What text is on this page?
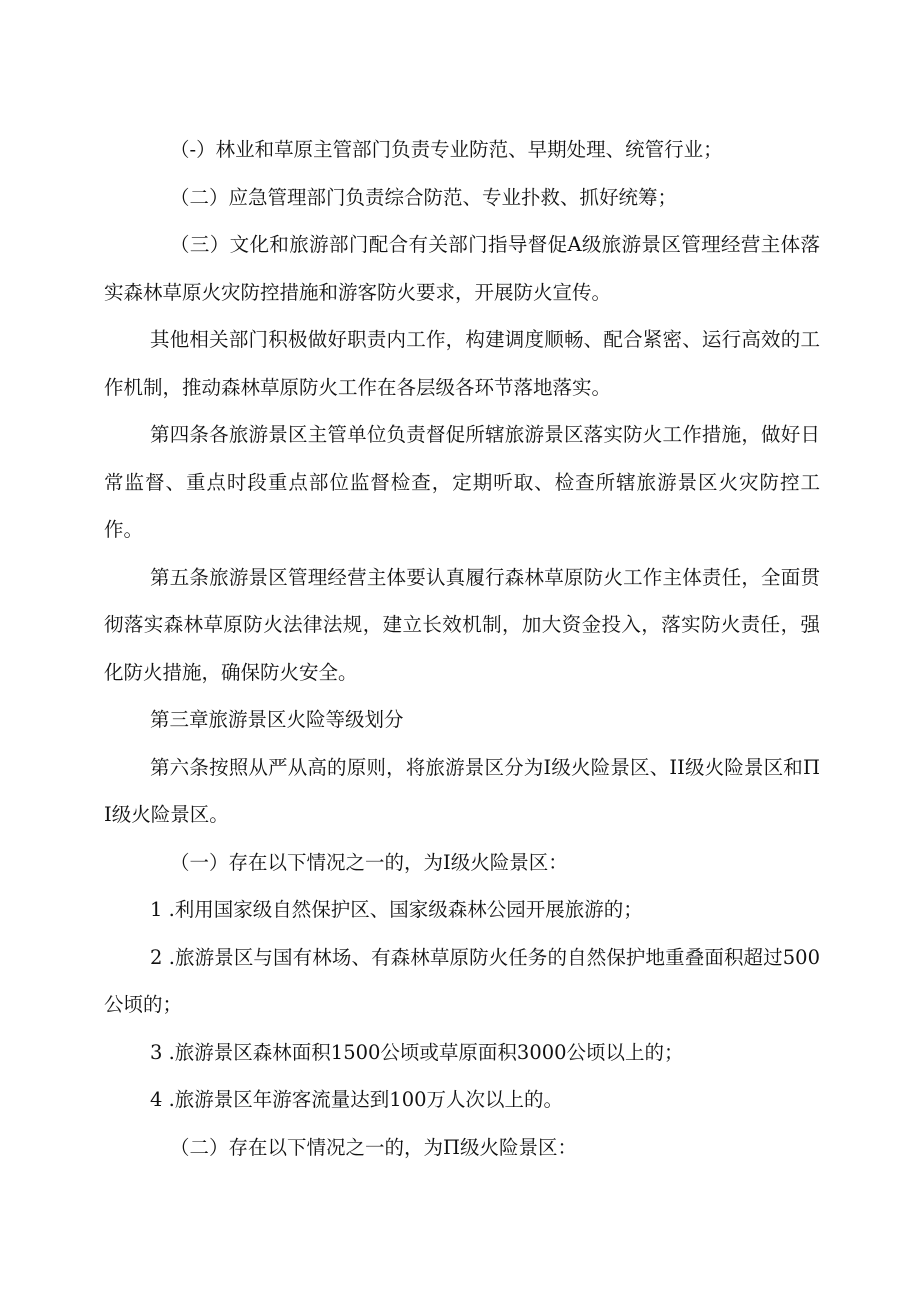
（-）林业和草原主管部门负责专业防范、早期处理、统管行业；

（二）应急管理部门负责综合防范、专业扑救、抓好统筹；

（三）文化和旅游部门配合有关部门指导督促A级旅游景区管理经营主体落实森林草原火灾防控措施和游客防火要求，开展防火宣传。

其他相关部门积极做好职责内工作，构建调度顺畅、配合紧密、运行高效的工作机制，推动森林草原防火工作在各层级各环节落地落实。

第四条各旅游景区主管单位负责督促所辖旅游景区落实防火工作措施，做好日常监督、重点时段重点部位监督检查，定期听取、检查所辖旅游景区火灾防控工作。

第五条旅游景区管理经营主体要认真履行森林草原防火工作主体责任，全面贯彻落实森林草原防火法律法规，建立长效机制，加大资金投入，落实防火责任，强化防火措施，确保防火安全。

第三章旅游景区火险等级划分

第六条按照从严从高的原则，将旅游景区分为I级火险景区、II级火险景区和ΠI级火险景区。

（一）存在以下情况之一的，为I级火险景区：

1 .利用国家级自然保护区、国家级森林公园开展旅游的；

2 .旅游景区与国有林场、有森林草原防火任务的自然保护地重叠面积超过500公顷的；

3 .旅游景区森林面积1500公顷或草原面积3000公顷以上的；

4 .旅游景区年游客流量达到100万人次以上的。

（二）存在以下情况之一的，为Π级火险景区：
